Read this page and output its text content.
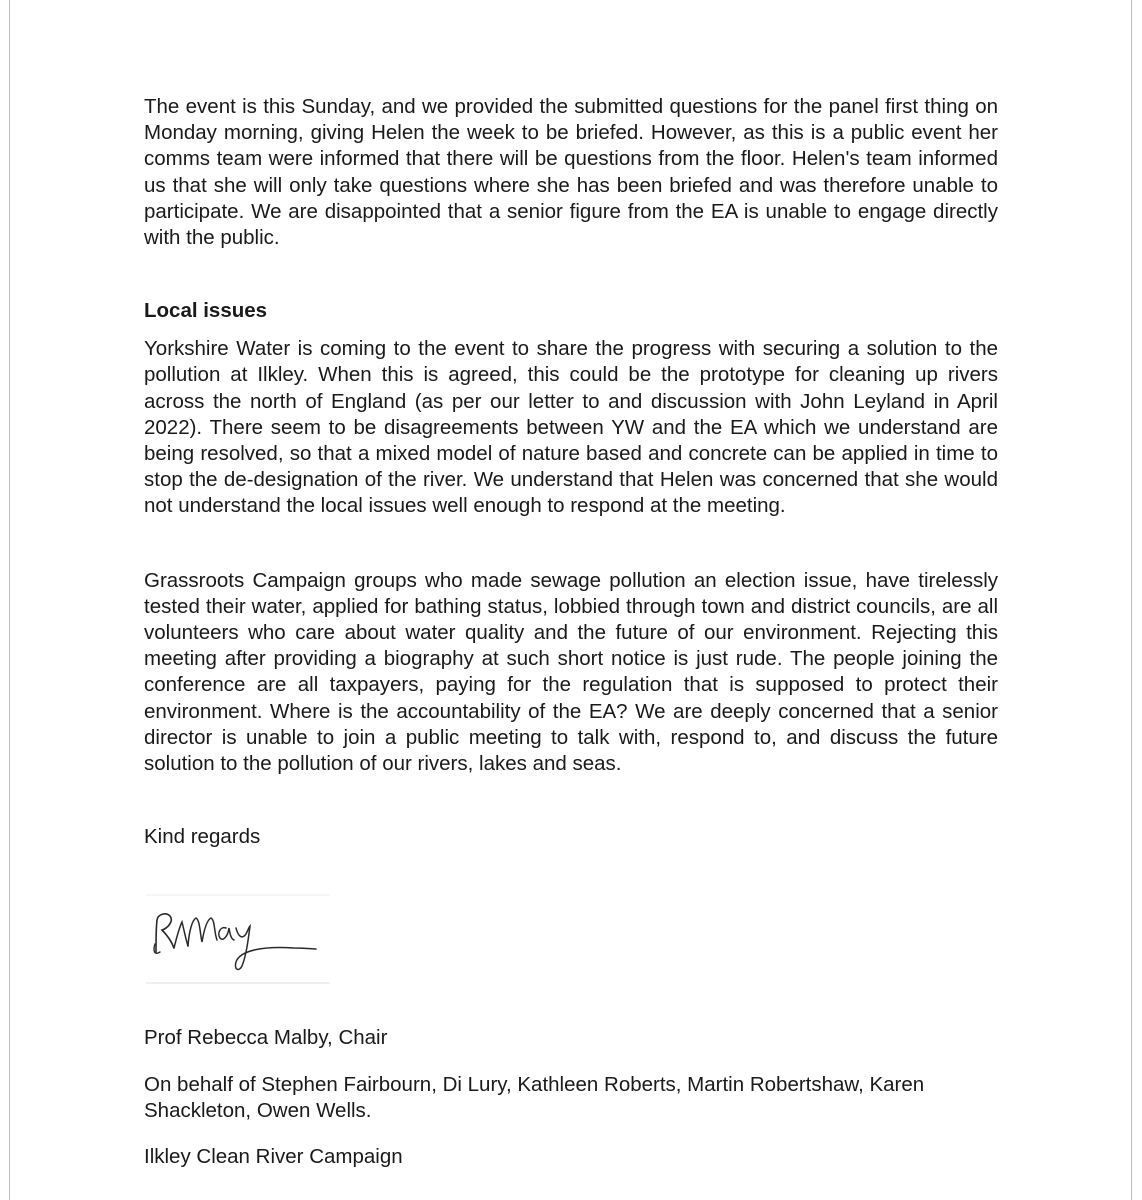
The event is this Sunday, and we provided the submitted questions for the panel first thing on Monday morning, giving Helen the week to be briefed. However, as this is a public event her comms team were informed that there will be questions from the floor. Helen's team informed us that she will only take questions where she has been briefed and was therefore unable to participate. We are disappointed that a senior figure from the EA is unable to engage directly with the public.

Local issues

Yorkshire Water is coming to the event to share the progress with securing a solution to the pollution at Ilkley. When this is agreed, this could be the prototype for cleaning up rivers across the north of England (as per our letter to and discussion with John Leyland in April 2022). There seem to be disagreements between YW and the EA which we understand are being resolved, so that a mixed model of nature based and concrete can be applied in time to stop the de-designation of the river. We understand that Helen was concerned that she would not understand the local issues well enough to respond at the meeting.

Grassroots Campaign groups who made sewage pollution an election issue, have tirelessly tested their water, applied for bathing status, lobbied through town and district councils, are all volunteers who care about water quality and the future of our environment. Rejecting this meeting after providing a biography at such short notice is just rude. The people joining the conference are all taxpayers, paying for the regulation that is supposed to protect their environment. Where is the accountability of the EA? We are deeply concerned that a senior director is unable to join a public meeting to talk with, respond to, and discuss the future solution to the pollution of our rivers, lakes and seas.

Kind regards

Prof Rebecca Malby, Chair

On behalf of Stephen Fairbourn, Di Lury, Kathleen Roberts, Martin Robertshaw, Karen Shackleton, Owen Wells.

Ilkley Clean River Campaign
